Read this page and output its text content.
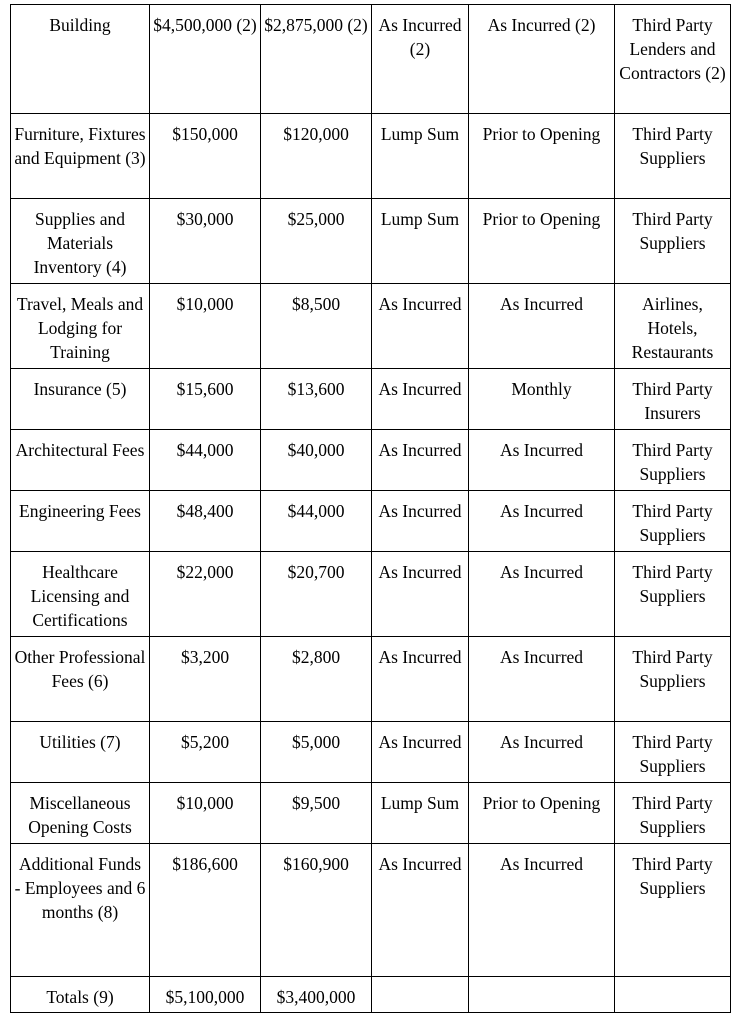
Building	$4,500,000 (2)	$2,875,000 (2)	As Incurred (2)	As Incurred (2)	Third Party Lenders and Contractors (2)

Furniture, Fixtures and Equipment (3)	$150,000	$120,000	Lump Sum	Prior to Opening	Third Party Suppliers

Supplies and Materials Inventory (4)	$30,000	$25,000	Lump Sum	Prior to Opening	Third Party Suppliers

Travel, Meals and Lodging for Training	$10,000	$8,500	As Incurred	As Incurred	Airlines, Hotels, Restaurants

Insurance (5)	$15,600	$13,600	As Incurred	Monthly	Third Party Insurers

Architectural Fees	$44,000	$40,000	As Incurred	As Incurred	Third Party Suppliers

Engineering Fees	$48,400	$44,000	As Incurred	As Incurred	Third Party Suppliers

Healthcare Licensing and Certifications	$22,000	$20,700	As Incurred	As Incurred	Third Party Suppliers

Other Professional Fees (6)	$3,200	$2,800	As Incurred	As Incurred	Third Party Suppliers

Utilities (7)	$5,200	$5,000	As Incurred	As Incurred	Third Party Suppliers

Miscellaneous Opening Costs	$10,000	$9,500	Lump Sum	Prior to Opening	Third Party Suppliers

Additional Funds - Employees and 6 months (8)	$186,600	$160,900	As Incurred	As Incurred	Third Party Suppliers

Totals (9)	$5,100,000	$3,400,000			
